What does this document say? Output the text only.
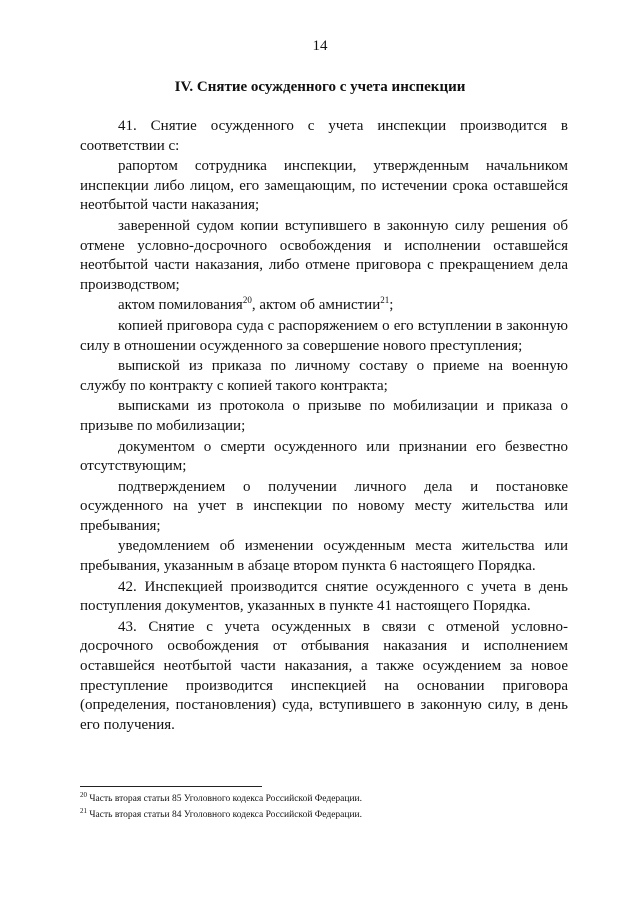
14
IV. Снятие осужденного с учета инспекции

41. Снятие осужденного с учета инспекции производится в соответствии с:

рапортом сотрудника инспекции, утвержденным начальником инспекции либо лицом, его замещающим, по истечении срока оставшейся неотбытой части наказания;

заверенной судом копии вступившего в законную силу решения об отмене условно-досрочного освобождения и исполнении оставшейся неотбытой части наказания, либо отмене приговора с прекращением дела производством;

актом помилования$^{20}$, актом об амнистии$^{21}$;

копией приговора суда с распоряжением о его вступлении в законную силу в отношении осужденного за совершение нового преступления;

выпиской из приказа по личному составу о приеме на военную службу по контракту с копией такого контракта;

выписками из протокола о призыве по мобилизации и приказа о призыве по мобилизации;

документом о смерти осужденного или признании его безвестно отсутствующим;

подтверждением о получении личного дела и постановке осужденного на учет в инспекции по новому месту жительства или пребывания;

уведомлением об изменении осужденным места жительства или пребывания, указанным в абзаце втором пункта 6 настоящего Порядка.

42. Инспекцией производится снятие осужденного с учета в день поступления документов, указанных в пункте 41 настоящего Порядка.

43. Снятие с учета осужденных в связи с отменой условно-досрочного освобождения от отбывания наказания и исполнением оставшейся неотбытой части наказания, а также осуждением за новое преступление производится инспекцией на основании приговора (определения, постановления) суда, вступившего в законную силу, в день его получения.

$^{20}$ Часть вторая статьи 85 Уголовного кодекса Российской Федерации.
$^{21}$ Часть вторая статьи 84 Уголовного кодекса Российской Федерации.
